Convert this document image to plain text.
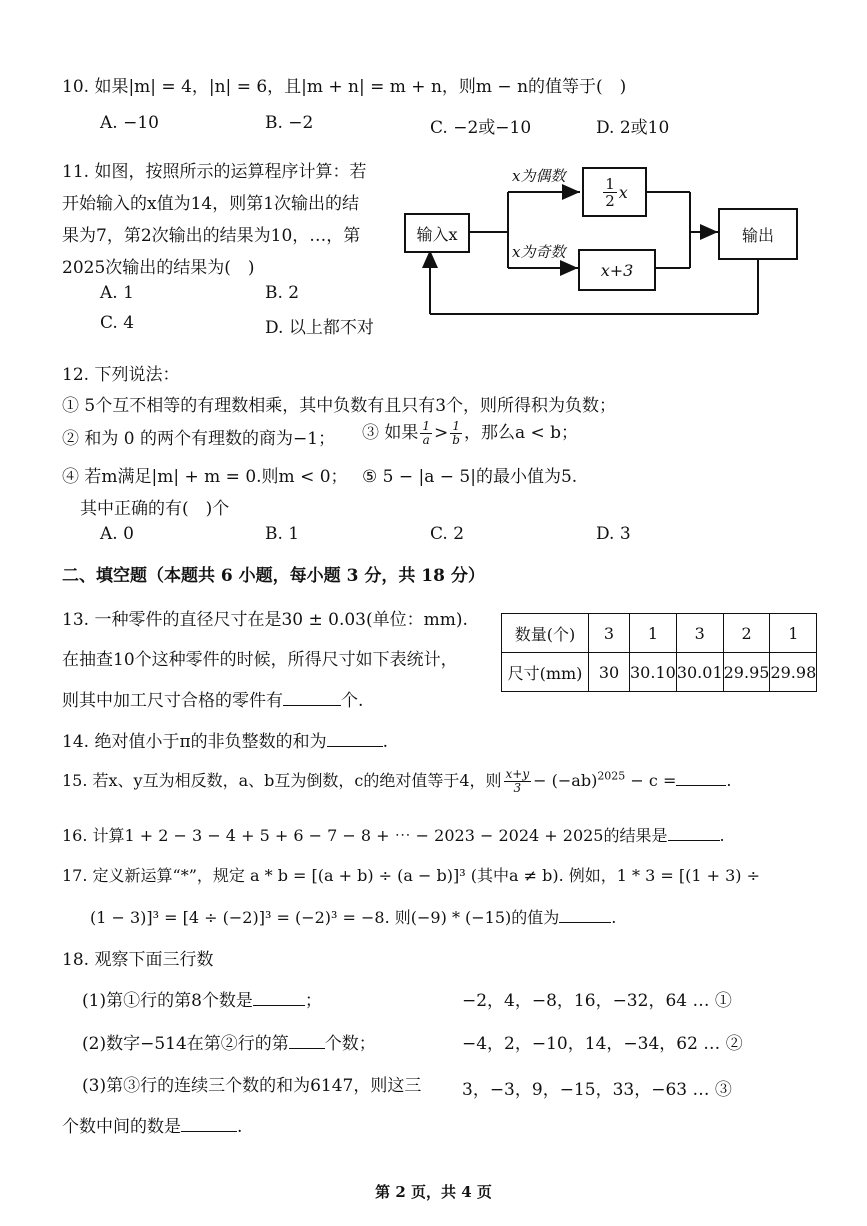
10. 如果|m| = 4，|n| = 6，且|m + n| = m + n，则m − n的值等于(　)
A. −10	B. −2	C. −2或−10	D. 2或10
11. 如图，按照所示的运算程序计算：若
开始输入的x值为14，则第1次输出的结
果为7，第2次输出的结果为10，…，第
2025次输出的结果为(　)
A. 1	B. 2
C. 4	D. 以上都不对
输入x
x为偶数
x为奇数
$\frac{1}{2}$ x
x+3
输出
12. 下列说法：
① 5个互不相等的有理数相乘，其中负数有且只有3个，则所得积为负数；
② 和为 0 的两个有理数的商为−1； ③ 如果 $\frac{1}{a} > \frac{1}{b}$ ，那么a < b；
④ 若m满足|m| + m = 0.则m < 0； ⑤ 5 − |a − 5|的最小值为5.
其中正确的有(　)个
A. 0	B. 1	C. 2	D. 3
二、填空题（本题共 6 小题，每小题 3 分，共 18 分）
13. 一种零件的直径尺寸在是30 ± 0.03(单位：mm).
在抽查10个这种零件的时候，所得尺寸如下表统计，
则其中加工尺寸合格的零件有	个.
数量(个)	3	1	3	2	1
尺寸(mm)	30	30.10	30.01	29.95	29.98
14. 绝对值小于π的非负整数的和为	.
15. 若x、y互为相反数，a、b互为倒数，c的绝对值等于4，则 $\frac{x+y}{3} - (-ab)^{2025} - c$ =	.
16. 计算1 + 2 − 3 − 4 + 5 + 6 − 7 − 8 + ⋯ − 2023 − 2024 + 2025的结果是	.
17. 定义新运算“*”，规定 a * b = [(a + b) ÷ (a − b)]³ (其中a ≠ b). 例如，1 * 3 = [(1 + 3) ÷
(1 − 3)]³ = [4 ÷ (−2)]³ = (−2)³ = −8. 则(−9) * (−15)的值为	.
18. 观察下面三行数
(1)第①行的第8个数是	；
(2)数字−514在第②行的第 个数；
(3)第③行的连续三个数的和为6147，则这三
个数中间的数是	.
−2，4，−8，16，−32，64 … ①
−4，2，−10，14，−34，62 … ②
3，−3，9，−15，33，−63 … ③
第 2 页，共 4 页
